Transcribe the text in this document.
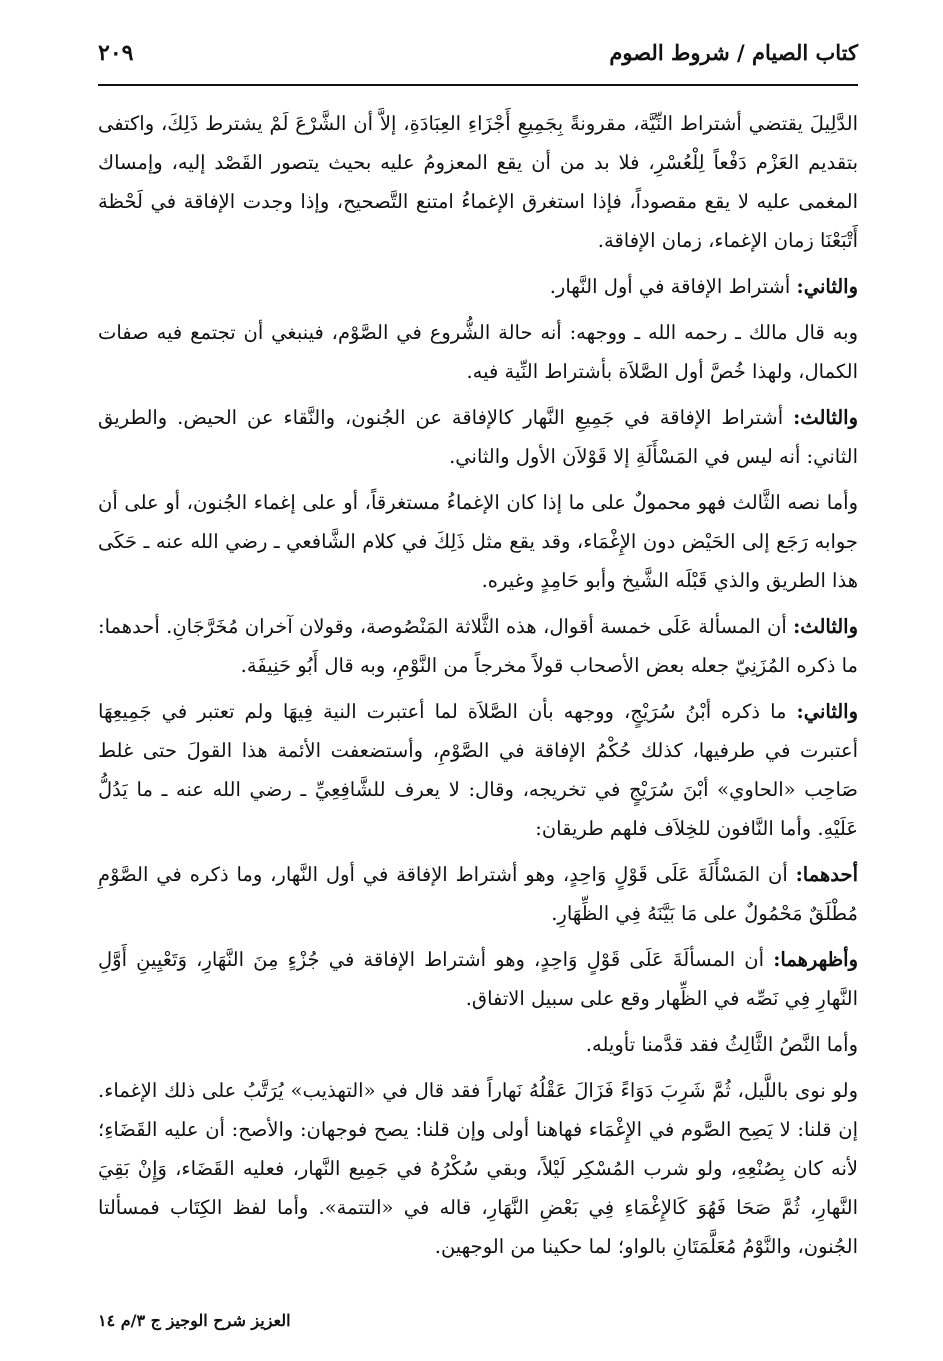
كتاب الصيام / شروط الصوم
٢٠٩

الدَّلِيلَ يقتضي أشتراط النِّيَّة، مقرونةً بِجَمِيعِ أَجْزَاءِ العِبَادَةِ، إلاَّ أن الشَّرْعَ لَمْ يشترط ذَلِكَ، واكتفى بتقديم العَزْم دَفْعاً لِلْعُسْرِ، فلا بد من أن يقع المعزومُ عليه بحيث يتصور القَصْد إليه، وإمساك المغمى عليه لا يقع مقصوداً، فإذا استغرق الإغماءُ امتنع التَّصحيح، وإذا وجدت الإفاقة في لَحْظة أَتْبَعْنَا زمان الإغماء، زمان الإفاقة.

والثاني: أشتراط الإفاقة في أول النَّهار.

وبه قال مالك ـ رحمه الله ـ ووجهه: أنه حالة الشُّروع في الصَّوْم، فينبغي أن تجتمع فيه صفات الكمال، ولهذا خُصَّ أول الصَّلاَة بأشتراط النِّية فيه.

والثالث: أشتراط الإفاقة في جَمِيعِ النَّهار كالإفاقة عن الجُنون، والنَّقاء عن الحيض. والطريق الثاني: أنه ليس في المَسْأَلَةِ إلا قَوْلاَن الأول والثاني.

وأما نصه الثَّالث فهو محمولٌ على ما إذا كان الإغماءُ مستغرقاً، أو على إغماء الجُنون، أو على أن جوابه رَجَع إلى الحَيْض دون الإِغْمَاء، وقد يقع مثل ذَلِكَ في كلام الشَّافعي ـ رضي الله عنه ـ حَكَى هذا الطريق والذي قَبْلَه الشَّيخ وأبو حَامِدٍ وغيره.

والثالث: أن المسألة عَلَى خمسة أقوال، هذه الثَّلاثة المَنْصُوصة، وقولان آخران مُخَرَّجَانِ. أحدهما: ما ذكره المُزَنِيّ جعله بعض الأصحاب قولاً مخرجاً من النَّوْمِ، وبه قال أَبُو حَنِيفَة.

والثاني: ما ذكره أبْنُ سُرَيْجٍ، ووجهه بأن الصَّلاَة لما أعتبرت النية فِيهَا ولم تعتبر في جَمِيعِهَا أعتبرت في طرفيها، كذلك حُكْمُ الإفاقة في الصَّوْمِ، وأستضعفت الأئمة هذا القولَ حتى غلط صَاحِب «الحاوي» أبْنَ سُرَيْجٍ في تخريجه، وقال: لا يعرف للشَّافِعِيِّ ـ رضي الله عنه ـ ما يَدُلُّ عَلَيْهِ. وأما النَّافون للخِلاَف فلهم طريقان:

أحدهما: أن المَسْأَلَةَ عَلَى قَوْلٍ وَاحِدٍ، وهو أشتراط الإفاقة في أول النَّهار، وما ذكره في الصَّوْمِ مُطْلَقٌ مَحْمُولٌ على مَا بَيَّنَهُ فِي الظِّهَارِ.

وأظهرهما: أن المسألَةَ عَلَى قَوْلٍ وَاحِدٍ، وهو أشتراط الإفاقة في جُزْءٍ مِنَ النَّهَارِ، وَتَعْيِينِ أَوَّلِ النَّهارِ فِي نَصِّه في الظِّهار وقع على سبيل الاتفاق.

وأما النَّصُ الثَّالِثُ فقد قدَّمنا تأويله.

ولو نوى باللَّيل، ثُمَّ شَرِبَ دَوَاءً فَزَالَ عَقْلُهُ نَهاراً فقد قال في «التهذيب» يُرَتَّبُ على ذلك الإغماء. إن قلنا: لا يَصِح الصَّوم في الإِغْمَاء فهاهنا أولى وإن قلنا: يصح فوجهان: والأصح: أن عليه القَضَاءِ؛ لأنه كان بِصُنْعِهِ، ولو شرب المُسْكِر لَيْلاً، وبقي سُكْرُهُ في جَمِيع النَّهار، فعليه القَضَاء، وَإِنْ بَقِيَ النَّهارِ، ثُمَّ صَحَا فَهُوَ كَالإِغْمَاءِ فِي بَعْضِ النَّهَارِ، قاله في «التتمة». وأما لفظ الكِتَاب فمسألتا الجُنون، والنَّوْمُ مُعَلَّمَتَانِ بالواو؛ لما حكينا من الوجهين.

العزيز شرح الوجيز ج ٣/م ١٤
